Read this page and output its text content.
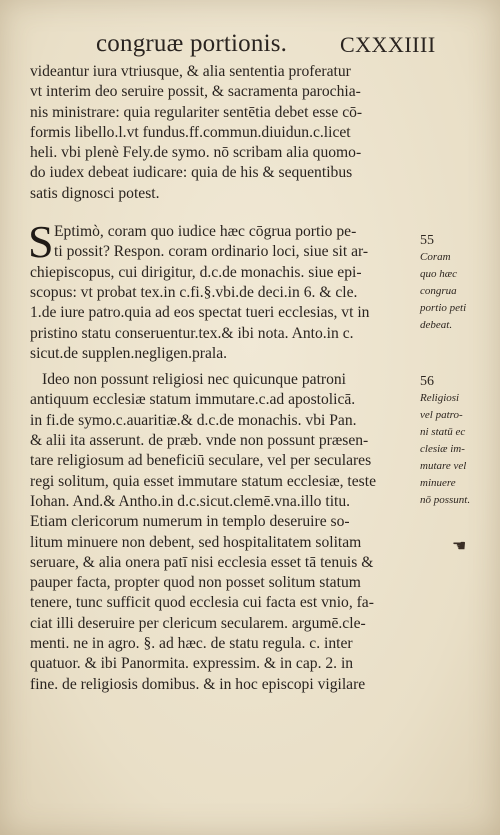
congruæ portionis. CXXXIIII
videantur iura vtriusque, & alia sententia proferatur
vt interim deo seruire possit, & sacramenta parochia-
nis ministrare: quia regulariter sentētia debet esse cō-
formis libello.l.vt fundus.ff.commun.diuidun.c.licet
heli. vbi plenè Fely.de symo. nō scribam alia quomo-
do iudex debeat iudicare: quia de his & sequentibus
satis dignosci potest.
S Eptimò, coram quo iudice hæc cōgrua portio pe-
ti possit? Respon. coram ordinario loci, siue sit ar-
chiepiscopus, cui dirigitur, d.c.de monachis. siue epi-
scopus: vt probat tex.in c.fi.§.vbi.de deci.in 6. & cle.
1.de iure patro.quia ad eos spectat tueri ecclesias, vt in
pristino statu conseruentur.tex.& ibi nota. Anto.in c.
sicut.de supplen.negligen.prala.
Ideo non possunt religiosi nec quicunque patroni
antiquum ecclesiæ statum immutare.c.ad apostolicā.
in fi.de symo.c.auaritiæ.& d.c.de monachis. vbi Pan.
& alii ita asserunt. de præb. vnde non possunt præsen-
tare religiosum ad beneficiū seculare, vel per seculares
regi solitum, quia esset immutare statum ecclesiæ, teste
Iohan. And.& Antho.in d.c.sicut.clemē.vna.illo titu.
Etiam clericorum numerum in templo deseruire so-
litum minuere non debent, sed hospitalitatem solitam
seruare, & alia onera patī nisi ecclesia esset tā tenuis &
pauper facta, propter quod non posset solitum statum
tenere, tunc sufficit quod ecclesia cui facta est vnio, fa-
ciat illi deseruire per clericum secularem. argumē.cle-
menti. ne in agro. §. ad hæc. de statu regula. c. inter
quatuor. & ibi Panormita. expressim. & in cap. 2. in
fine. de religiosis domibus. & in hoc episcopi vigilare
55
Coram
quo hæc
congrua
portio peti
debeat.
56
Religiosi
vel patro-
ni statū ec
clesiæ im-
mutare vel
minuere
nō possunt.
☚
